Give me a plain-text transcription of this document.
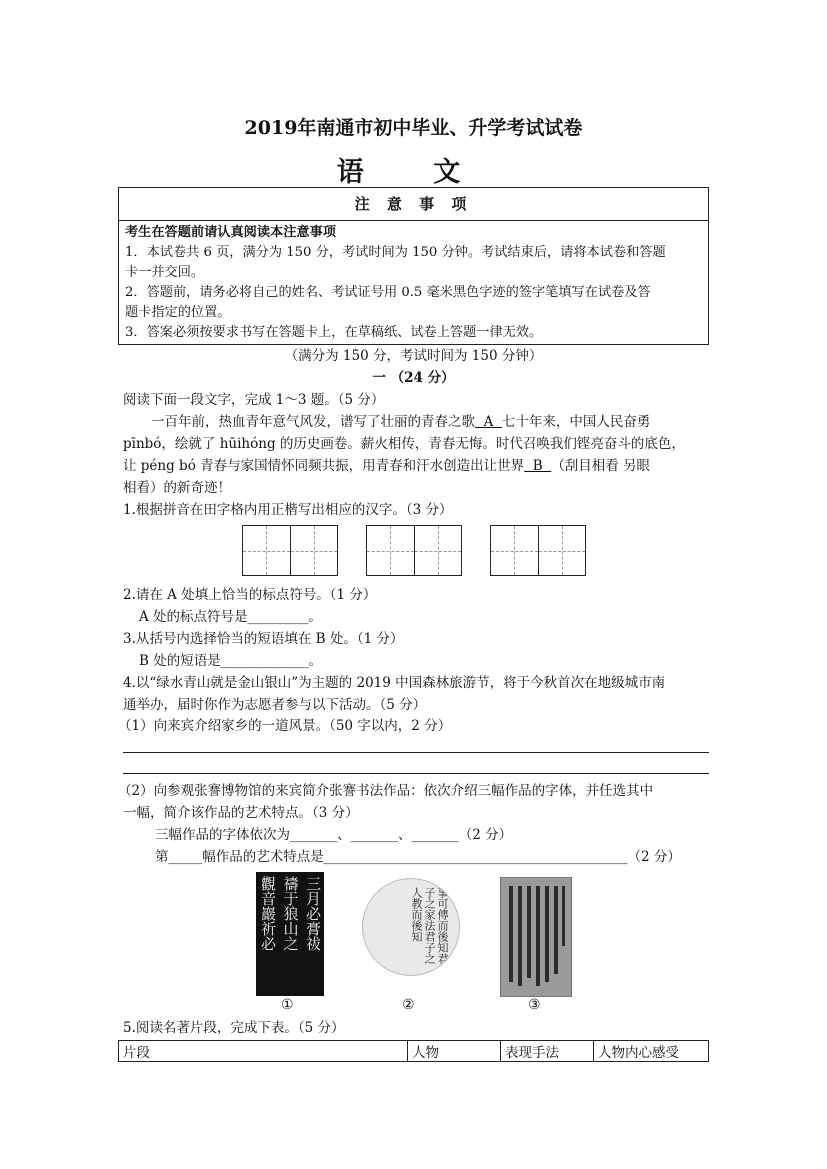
2019年南通市初中毕业、升学考试试卷
语 文
注 意 事 项
考生在答题前请认真阅读本注意事项
1．本试卷共 6 页，满分为 150 分，考试时间为 150 分钟。考试结束后，请将本试卷和答题
卡一并交回。
2．答题前，请务必将自己的姓名、考试证号用 0.5 毫米黑色字迹的签字笔填写在试卷及答
题卡指定的位置。
3．答案必须按要求书写在答题卡上，在草稿纸、试卷上答题一律无效。
（满分为 150 分，考试时间为 150 分钟）
一 （24 分）
阅读下面一段文字，完成 1～3 题。（5 分）
一百年前，热血青年意气风发，谱写了壮丽的青春之歌  A  七十年来，中国人民奋勇
pīnbó，绘就了 hūihóng 的历史画卷。薪火相传，青春无悔。时代召唤我们铿亮奋斗的底色，
让 péng bó 青春与家国情怀同频共振，用青春和汗水创造出让世界  B  （刮目相看 另眼
相看）的新奇迹！
1.根据拼音在田字格内用正楷写出相应的汉字。（3 分）
2.请在 A 处填上恰当的标点符号。（1 分）
A 处的标点符号是_________。
3.从括号内选择恰当的短语填在 B 处。（1 分）
B 处的短语是_____________。
4.以“绿水青山就是金山银山”为主题的 2019 中国森林旅游节，将于今秋首次在地级城市南
通举办，届时你作为志愿者参与以下活动。（5 分）
（1）向来宾介绍家乡的一道风景。（50 字以内，2 分）
（2）向参观张謇博物馆的来宾简介张謇书法作品：依次介绍三幅作品的字体，并任选其中
一幅，简介该作品的艺术特点。（3 分）
三幅作品的字体依次为_______、_______、_______（2 分）
第_____幅作品的艺术特点是_____________________________________________（2 分）
三月必膏祓
禱于狼山之
觀音巖祈必	事可傳而後知君子之家法君子之人教而後知
①	②	③
5.阅读名著片段，完成下表。（5 分）
片段	人物	表现手法	人物内心感受
